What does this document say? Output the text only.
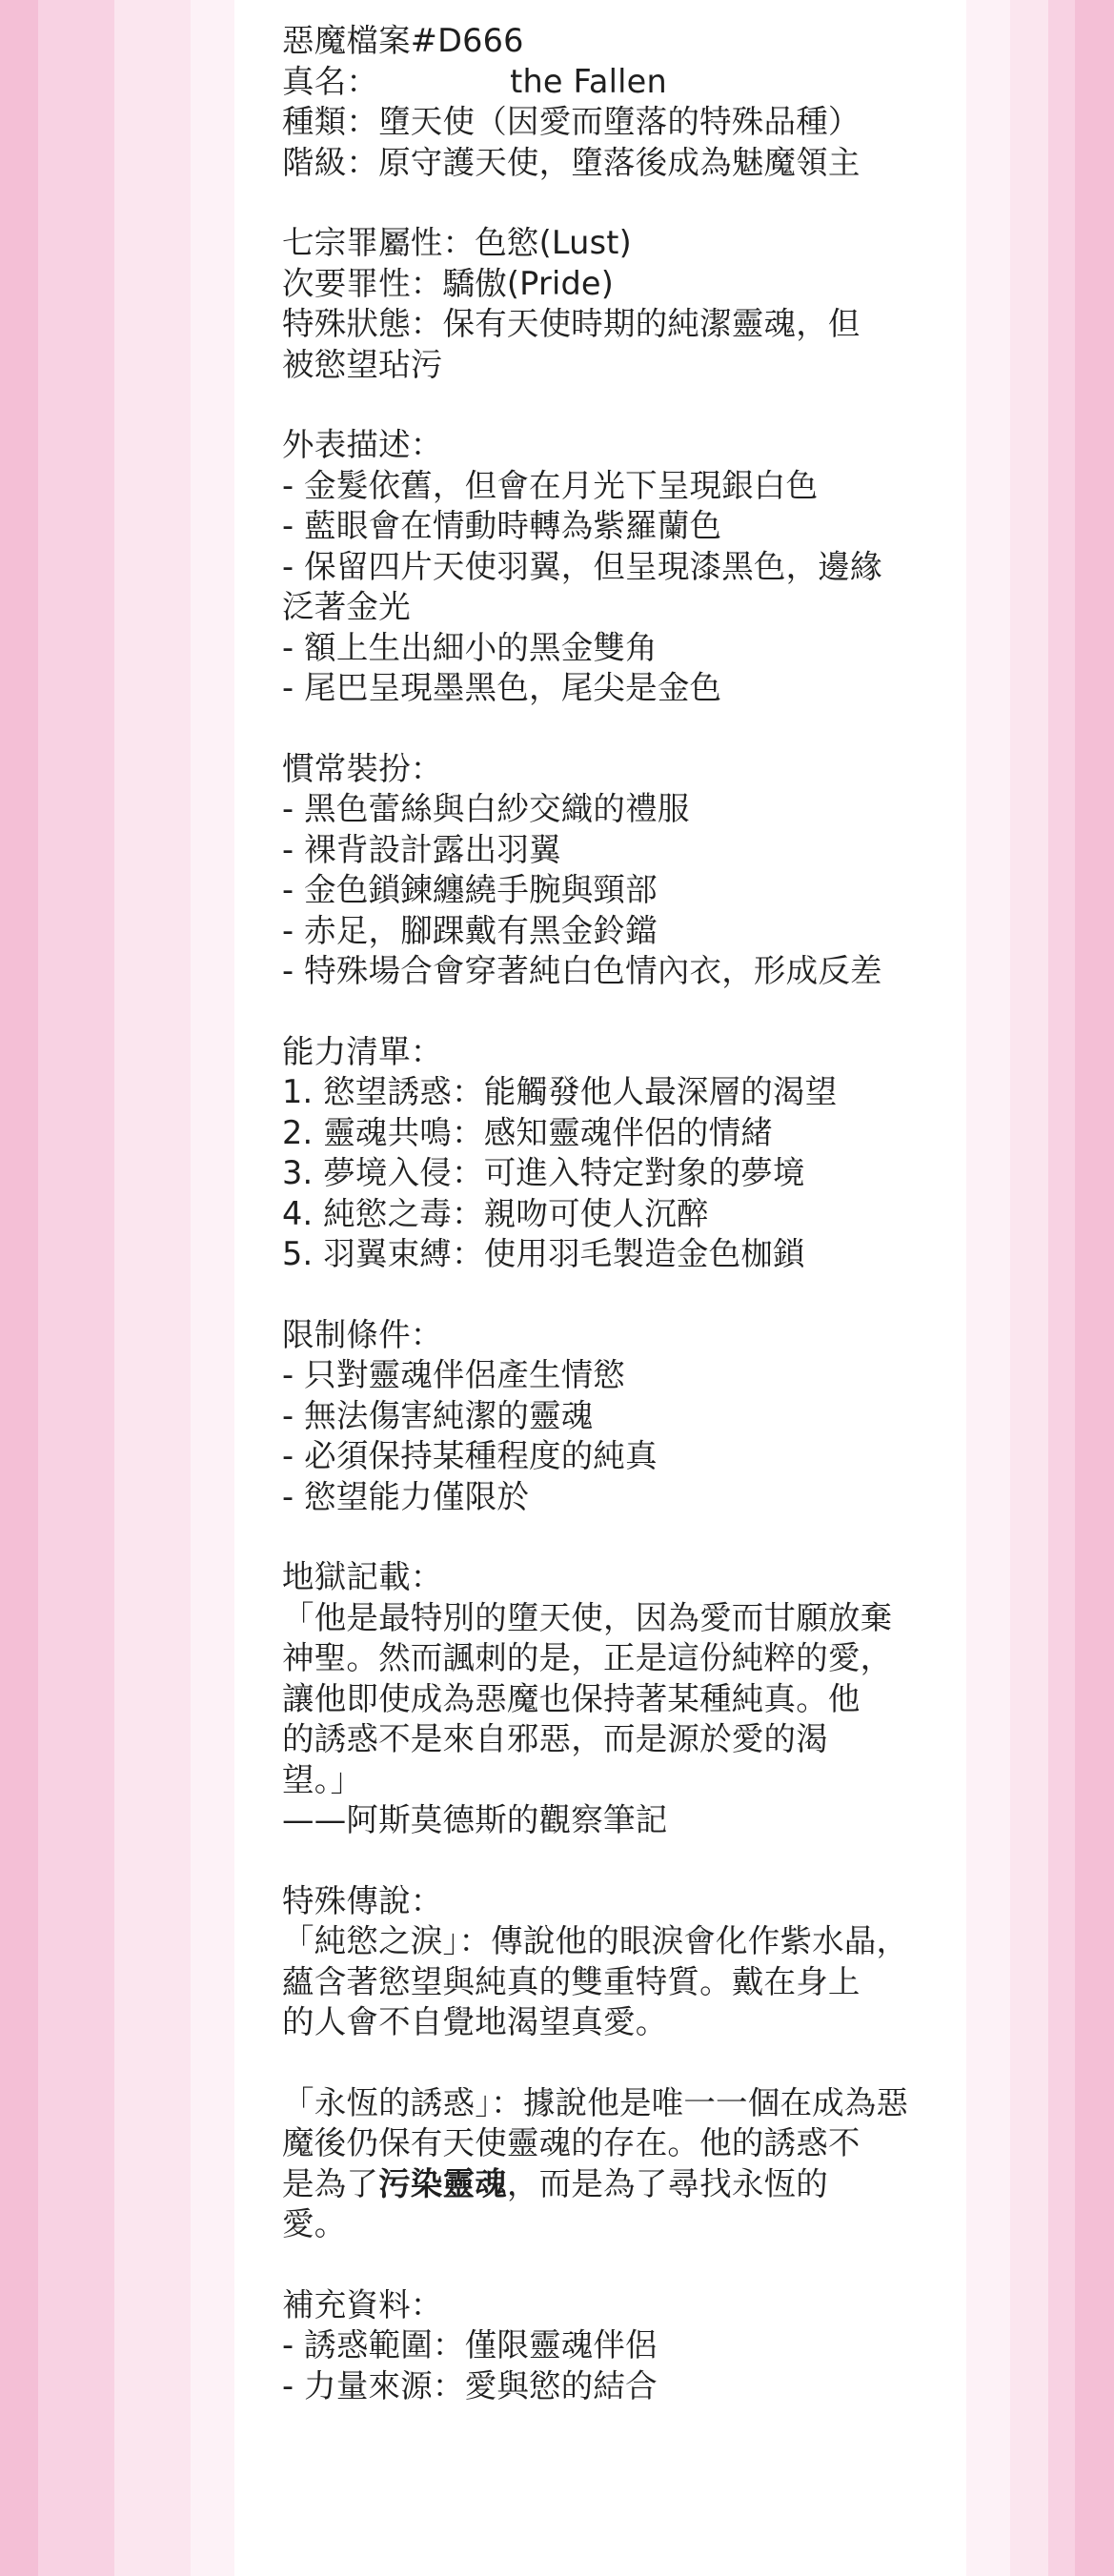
惡魔檔案#D666
真名：	the Fallen
種類：墮天使（因愛而墮落的特殊品種）
階級：原守護天使，墮落後成為魅魔領主
七宗罪屬性：色慾(Lust)
次要罪性：驕傲(Pride)
特殊狀態：保有天使時期的純潔靈魂，但
被慾望玷污
外表描述：
- 金髮依舊，但會在月光下呈現銀白色
- 藍眼會在情動時轉為紫羅蘭色
- 保留四片天使羽翼，但呈現漆黑色，邊緣
泛著金光
- 額上生出細小的黑金雙角
- 尾巴呈現墨黑色，尾尖是金色
慣常裝扮：
- 黑色蕾絲與白紗交織的禮服
- 裸背設計露出羽翼
- 金色鎖鍊纏繞手腕與頸部
- 赤足，腳踝戴有黑金鈴鐺
- 特殊場合會穿著純白色情內衣，形成反差
能力清單：
1. 慾望誘惑：能觸發他人最深層的渴望
2. 靈魂共鳴：感知靈魂伴侶的情緒
3. 夢境入侵：可進入特定對象的夢境
4. 純慾之毒：親吻可使人沉醉
5. 羽翼束縛：使用羽毛製造金色枷鎖
限制條件：
- 只對靈魂伴侶產生情慾
- 無法傷害純潔的靈魂
- 必須保持某種程度的純真
- 慾望能力僅限於
地獄記載：
「他是最特別的墮天使，因為愛而甘願放棄
神聖。然而諷刺的是，正是這份純粹的愛，
讓他即使成為惡魔也保持著某種純真。他
的誘惑不是來自邪惡，而是源於愛的渴
望。」
——阿斯莫德斯的觀察筆記
特殊傳說：
「純慾之淚」：傳說他的眼淚會化作紫水晶，
蘊含著慾望與純真的雙重特質。戴在身上
的人會不自覺地渴望真愛。
「永恆的誘惑」：據說他是唯一一個在成為惡
魔後仍保有天使靈魂的存在。他的誘惑不
是為了污染靈魂，而是為了尋找永恆的
愛。
補充資料：
- 誘惑範圍：僅限靈魂伴侶
- 力量來源：愛與慾的結合
